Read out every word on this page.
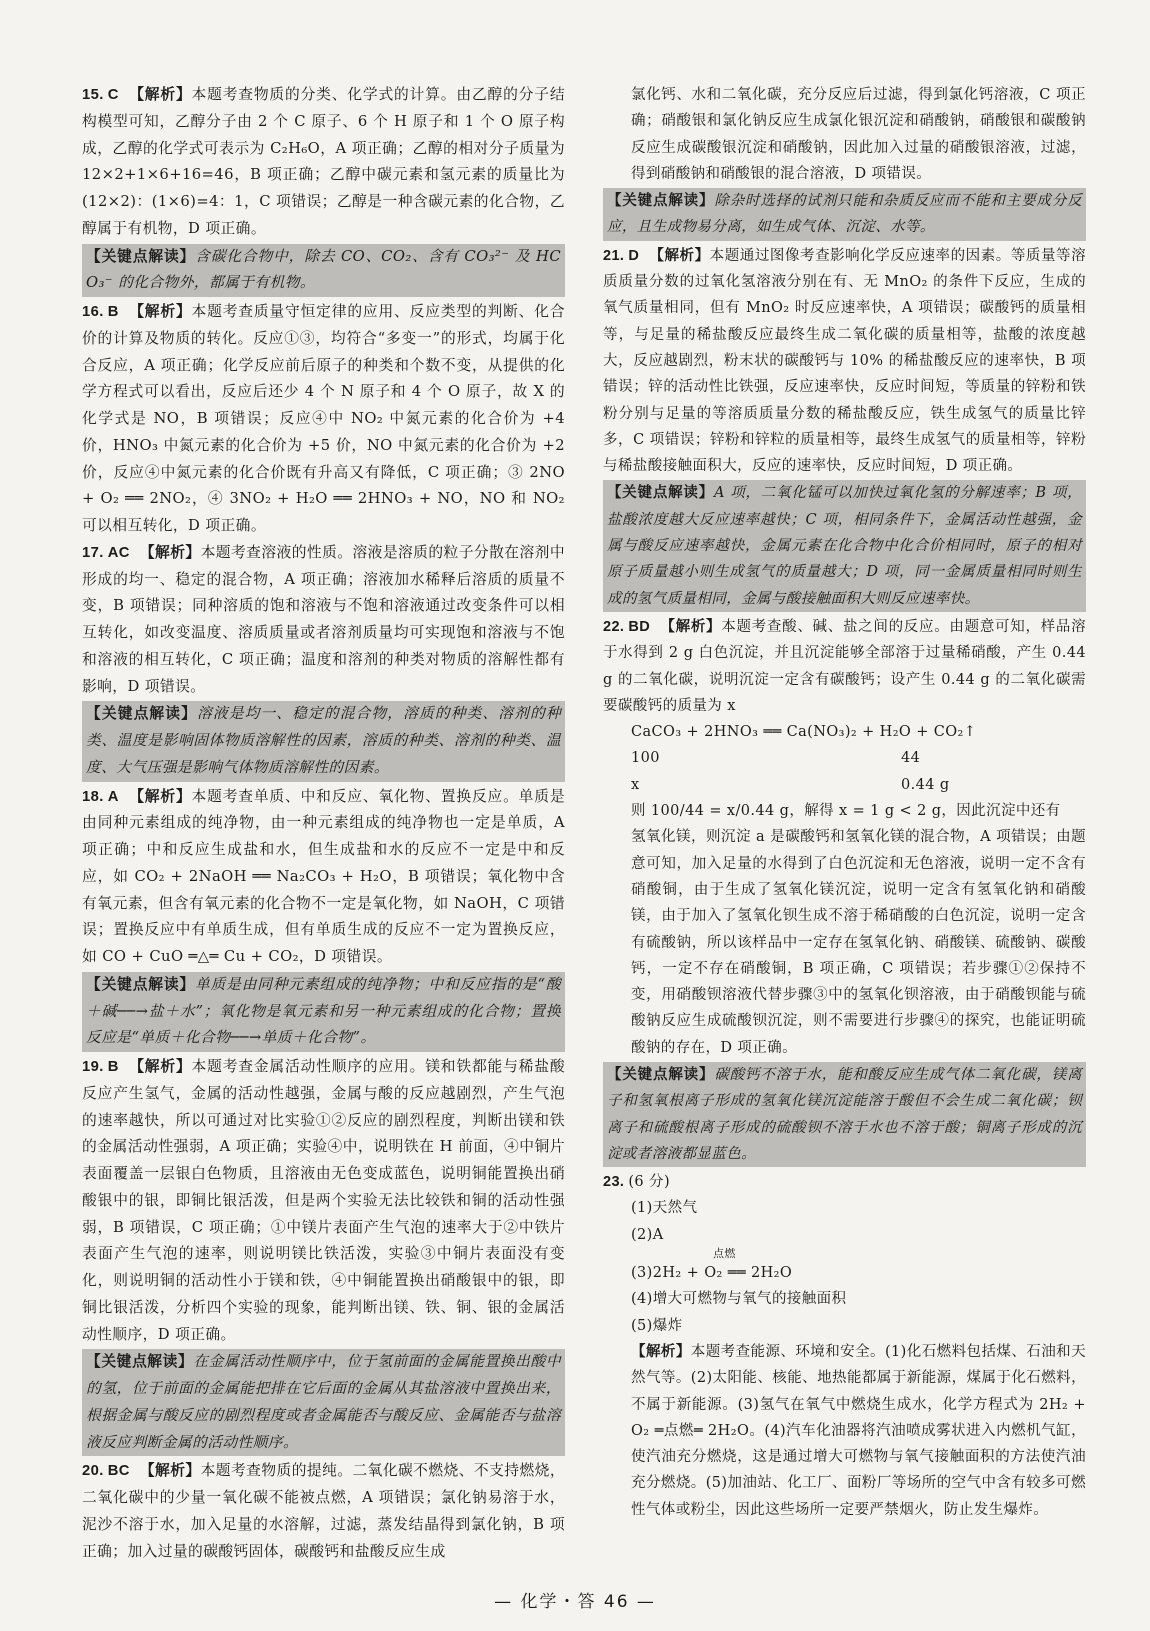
15. C 【解析】本题考查物质的分类、化学式的计算。由乙醇的分子结构模型可知，乙醇分子由 2 个 C 原子、6 个 H 原子和 1 个 O 原子构成，乙醇的化学式可表示为 C₂H₆O，A 项正确；乙醇的相对分子质量为 12×2+1×6+16=46，B 项正确；乙醇中碳元素和氢元素的质量比为 (12×2)：(1×6)=4：1，C 项错误；乙醇是一种含碳元素的化合物，乙醇属于有机物，D 项正确。

【关键点解读】含碳化合物中，除去 CO、CO₂、含有 CO₃²⁻ 及 HCO₃⁻ 的化合物外，都属于有机物。

16. B 【解析】本题考查质量守恒定律的应用、反应类型的判断、化合价的计算及物质的转化。反应①③，均符合“多变一”的形式，均属于化合反应，A 项正确；化学反应前后原子的种类和个数不变，从提供的化学方程式可以看出，反应后还少 4 个 N 原子和 4 个 O 原子，故 X 的化学式是 NO，B 项错误；反应④中 NO₂ 中氮元素的化合价为 +4 价，HNO₃ 中氮元素的化合价为 +5 价，NO 中氮元素的化合价为 +2 价，反应④中氮元素的化合价既有升高又有降低，C 项正确；③ 2NO + O₂ ══ 2NO₂，④ 3NO₂ + H₂O ══ 2HNO₃ + NO，NO 和 NO₂ 可以相互转化，D 项正确。

17. AC 【解析】本题考查溶液的性质。溶液是溶质的粒子分散在溶剂中形成的均一、稳定的混合物，A 项正确；溶液加水稀释后溶质的质量不变，B 项错误；同种溶质的饱和溶液与不饱和溶液通过改变条件可以相互转化，如改变温度、溶质质量或者溶剂质量均可实现饱和溶液与不饱和溶液的相互转化，C 项正确；温度和溶剂的种类对物质的溶解性都有影响，D 项错误。

【关键点解读】溶液是均一、稳定的混合物，溶质的种类、溶剂的种类、温度是影响固体物质溶解性的因素，溶质的种类、溶剂的种类、温度、大气压强是影响气体物质溶解性的因素。

18. A 【解析】本题考查单质、中和反应、氧化物、置换反应。单质是由同种元素组成的纯净物，由一种元素组成的纯净物也一定是单质，A 项正确；中和反应生成盐和水，但生成盐和水的反应不一定是中和反应，如 CO₂ + 2NaOH ══ Na₂CO₃ + H₂O，B 项错误；氧化物中含有氧元素，但含有氧元素的化合物不一定是氧化物，如 NaOH，C 项错误；置换反应中有单质生成，但有单质生成的反应不一定为置换反应，如 CO + CuO ═△═ Cu + CO₂，D 项错误。

【关键点解读】单质是由同种元素组成的纯净物；中和反应指的是“酸＋碱──→盐＋水”；氧化物是氧元素和另一种元素组成的化合物；置换反应是“单质＋化合物──→单质＋化合物”。

19. B 【解析】本题考查金属活动性顺序的应用。镁和铁都能与稀盐酸反应产生氢气，金属的活动性越强，金属与酸的反应越剧烈，产生气泡的速率越快，所以可通过对比实验①②反应的剧烈程度，判断出镁和铁的金属活动性强弱，A 项正确；实验④中，说明铁在 H 前面，④中铜片表面覆盖一层银白色物质，且溶液由无色变成蓝色，说明铜能置换出硝酸银中的银，即铜比银活泼，但是两个实验无法比较铁和铜的活动性强弱，B 项错误，C 项正确；①中镁片表面产生气泡的速率大于②中铁片表面产生气泡的速率，则说明镁比铁活泼，实验③中铜片表面没有变化，则说明铜的活动性小于镁和铁，④中铜能置换出硝酸银中的银，即铜比银活泼，分析四个实验的现象，能判断出镁、铁、铜、银的金属活动性顺序，D 项正确。

【关键点解读】在金属活动性顺序中，位于氢前面的金属能置换出酸中的氢，位于前面的金属能把排在它后面的金属从其盐溶液中置换出来，根据金属与酸反应的剧烈程度或者金属能否与酸反应、金属能否与盐溶液反应判断金属的活动性顺序。

20. BC 【解析】本题考查物质的提纯。二氧化碳不燃烧、不支持燃烧，二氧化碳中的少量一氧化碳不能被点燃，A 项错误；氯化钠易溶于水，泥沙不溶于水，加入足量的水溶解，过滤，蒸发结晶得到氯化钠，B 项正确；加入过量的碳酸钙固体，碳酸钙和盐酸反应生成

氯化钙、水和二氧化碳，充分反应后过滤，得到氯化钙溶液，C 项正确；硝酸银和氯化钠反应生成氯化银沉淀和硝酸钠，硝酸银和碳酸钠反应生成碳酸银沉淀和硝酸钠，因此加入过量的硝酸银溶液，过滤，得到硝酸钠和硝酸银的混合溶液，D 项错误。

【关键点解读】除杂时选择的试剂只能和杂质反应而不能和主要成分反应，且生成物易分离，如生成气体、沉淀、水等。

21. D 【解析】本题通过图像考查影响化学反应速率的因素。等质量等溶质质量分数的过氧化氢溶液分别在有、无 MnO₂ 的条件下反应，生成的氧气质量相同，但有 MnO₂ 时反应速率快，A 项错误；碳酸钙的质量相等，与足量的稀盐酸反应最终生成二氧化碳的质量相等，盐酸的浓度越大，反应越剧烈，粉末状的碳酸钙与 10% 的稀盐酸反应的速率快，B 项错误；锌的活动性比铁强，反应速率快，反应时间短，等质量的锌粉和铁粉分别与足量的等溶质质量分数的稀盐酸反应，铁生成氢气的质量比锌多，C 项错误；锌粉和锌粒的质量相等，最终生成氢气的质量相等，锌粉与稀盐酸接触面积大，反应的速率快，反应时间短，D 项正确。

【关键点解读】A 项，二氧化锰可以加快过氧化氢的分解速率；B 项，盐酸浓度越大反应速率越快；C 项，相同条件下，金属活动性越强，金属与酸反应速率越快，金属元素在化合物中化合价相同时，原子的相对原子质量越小则生成氢气的质量越大；D 项，同一金属质量相同时则生成的氢气质量相同，金属与酸接触面积大则反应速率快。

22. BD 【解析】本题考查酸、碱、盐之间的反应。由题意可知，样品溶于水得到 2 g 白色沉淀，并且沉淀能够全部溶于过量稀硝酸，产生 0.44 g 的二氧化碳，说明沉淀一定含有碳酸钙；设产生 0.44 g 的二氧化碳需要碳酸钙的质量为 x

CaCO₃ + 2HNO₃ ══ Ca(NO₃)₂ + H₂O + CO₂↑

100	44
x	0.44 g

则 100/44 = x/0.44 g，解得 x = 1 g < 2 g，因此沉淀中还有

氢氧化镁，则沉淀 a 是碳酸钙和氢氧化镁的混合物，A 项错误；由题意可知，加入足量的水得到了白色沉淀和无色溶液，说明一定不含有硝酸铜，由于生成了氢氧化镁沉淀，说明一定含有氢氧化钠和硝酸镁，由于加入了氢氧化钡生成不溶于稀硝酸的白色沉淀，说明一定含有硫酸钠，所以该样品中一定存在氢氧化钠、硝酸镁、硫酸钠、碳酸钙，一定不存在硝酸铜，B 项正确，C 项错误；若步骤①②保持不变，用硝酸钡溶液代替步骤③中的氢氧化钡溶液，由于硝酸钡能与硫酸钠反应生成硫酸钡沉淀，则不需要进行步骤④的探究，也能证明硫酸钠的存在，D 项正确。

【关键点解读】碳酸钙不溶于水，能和酸反应生成气体二氧化碳，镁离子和氢氧根离子形成的氢氧化镁沉淀能溶于酸但不会生成二氧化碳；钡离子和硫酸根离子形成的硫酸钡不溶于水也不溶于酸；铜离子形成的沉淀或者溶液都显蓝色。

23. (6 分)

(1)天然气

(2)A

点燃

(3)2H₂ + O₂ ══ 2H₂O

(4)增大可燃物与氧气的接触面积

(5)爆炸

【解析】本题考查能源、环境和安全。(1)化石燃料包括煤、石油和天然气等。(2)太阳能、核能、地热能都属于新能源，煤属于化石燃料，不属于新能源。(3)氢气在氧气中燃烧生成水，化学方程式为 2H₂ + O₂ ═点燃═ 2H₂O。(4)汽车化油器将汽油喷成雾状进入内燃机气缸，使汽油充分燃烧，这是通过增大可燃物与氧气接触面积的方法使汽油充分燃烧。(5)加油站、化工厂、面粉厂等场所的空气中含有较多可燃性气体或粉尘，因此这些场所一定要严禁烟火，防止发生爆炸。

— 化学・答 46 —
